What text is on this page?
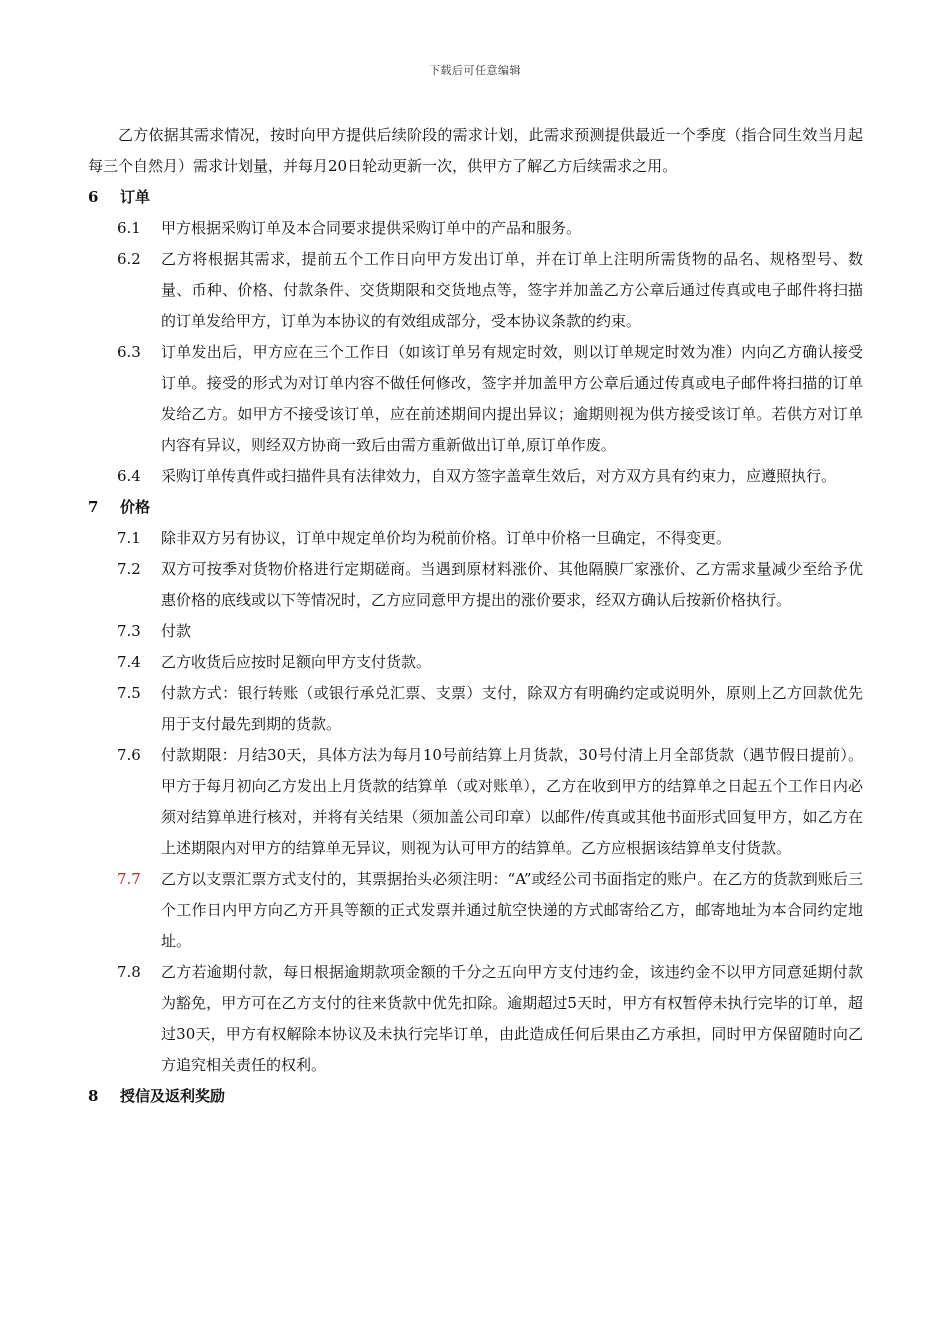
下载后可任意编辑

乙方依据其需求情况，按时向甲方提供后续阶段的需求计划，此需求预测提供最近一个季度（指合同生效当月起每三个自然月）需求计划量，并每月20日轮动更新一次，供甲方了解乙方后续需求之用。

6	订单
6.1	甲方根据采购订单及本合同要求提供采购订单中的产品和服务。
6.2	乙方将根据其需求，提前五个工作日向甲方发出订单，并在订单上注明所需货物的品名、规格型号、数量、币种、价格、付款条件、交货期限和交货地点等，签字并加盖乙方公章后通过传真或电子邮件将扫描的订单发给甲方，订单为本协议的有效组成部分，受本协议条款的约束。
6.3	订单发出后，甲方应在三个工作日（如该订单另有规定时效，则以订单规定时效为准）内向乙方确认接受订单。接受的形式为对订单内容不做任何修改，签字并加盖甲方公章后通过传真或电子邮件将扫描的订单发给乙方。如甲方不接受该订单，应在前述期间内提出异议；逾期则视为供方接受该订单。若供方对订单内容有异议，则经双方协商一致后由需方重新做出订单,原订单作废。
6.4	采购订单传真件或扫描件具有法律效力，自双方签字盖章生效后，对方双方具有约束力，应遵照执行。
7	价格
7.1	除非双方另有协议，订单中规定单价均为税前价格。订单中价格一旦确定，不得变更。
7.2	双方可按季对货物价格进行定期磋商。当遇到原材料涨价、其他隔膜厂家涨价、乙方需求量减少至给予优惠价格的底线或以下等情况时，乙方应同意甲方提出的涨价要求，经双方确认后按新价格执行。
7.3	付款
7.4	乙方收货后应按时足额向甲方支付货款。
7.5	付款方式：银行转账（或银行承兑汇票、支票）支付，除双方有明确约定或说明外，原则上乙方回款优先用于支付最先到期的货款。
7.6	付款期限：月结30天，具体方法为每月10号前结算上月货款，30号付清上月全部货款（遇节假日提前）。甲方于每月初向乙方发出上月货款的结算单（或对账单），乙方在收到甲方的结算单之日起五个工作日内必须对结算单进行核对，并将有关结果（须加盖公司印章）以邮件/传真或其他书面形式回复甲方，如乙方在上述期限内对甲方的结算单无异议，则视为认可甲方的结算单。乙方应根据该结算单支付货款。
7.7	乙方以支票汇票方式支付的，其票据抬头必须注明：“A”或经公司书面指定的账户。在乙方的货款到账后三个工作日内甲方向乙方开具等额的正式发票并通过航空快递的方式邮寄给乙方，邮寄地址为本合同约定地址。
7.8	乙方若逾期付款，每日根据逾期款项金额的千分之五向甲方支付违约金，该违约金不以甲方同意延期付款为豁免，甲方可在乙方支付的往来货款中优先扣除。逾期超过5天时，甲方有权暂停未执行完毕的订单，超过30天，甲方有权解除本协议及未执行完毕订单，由此造成任何后果由乙方承担，同时甲方保留随时向乙方追究相关责任的权利。
8	授信及返利奖励
